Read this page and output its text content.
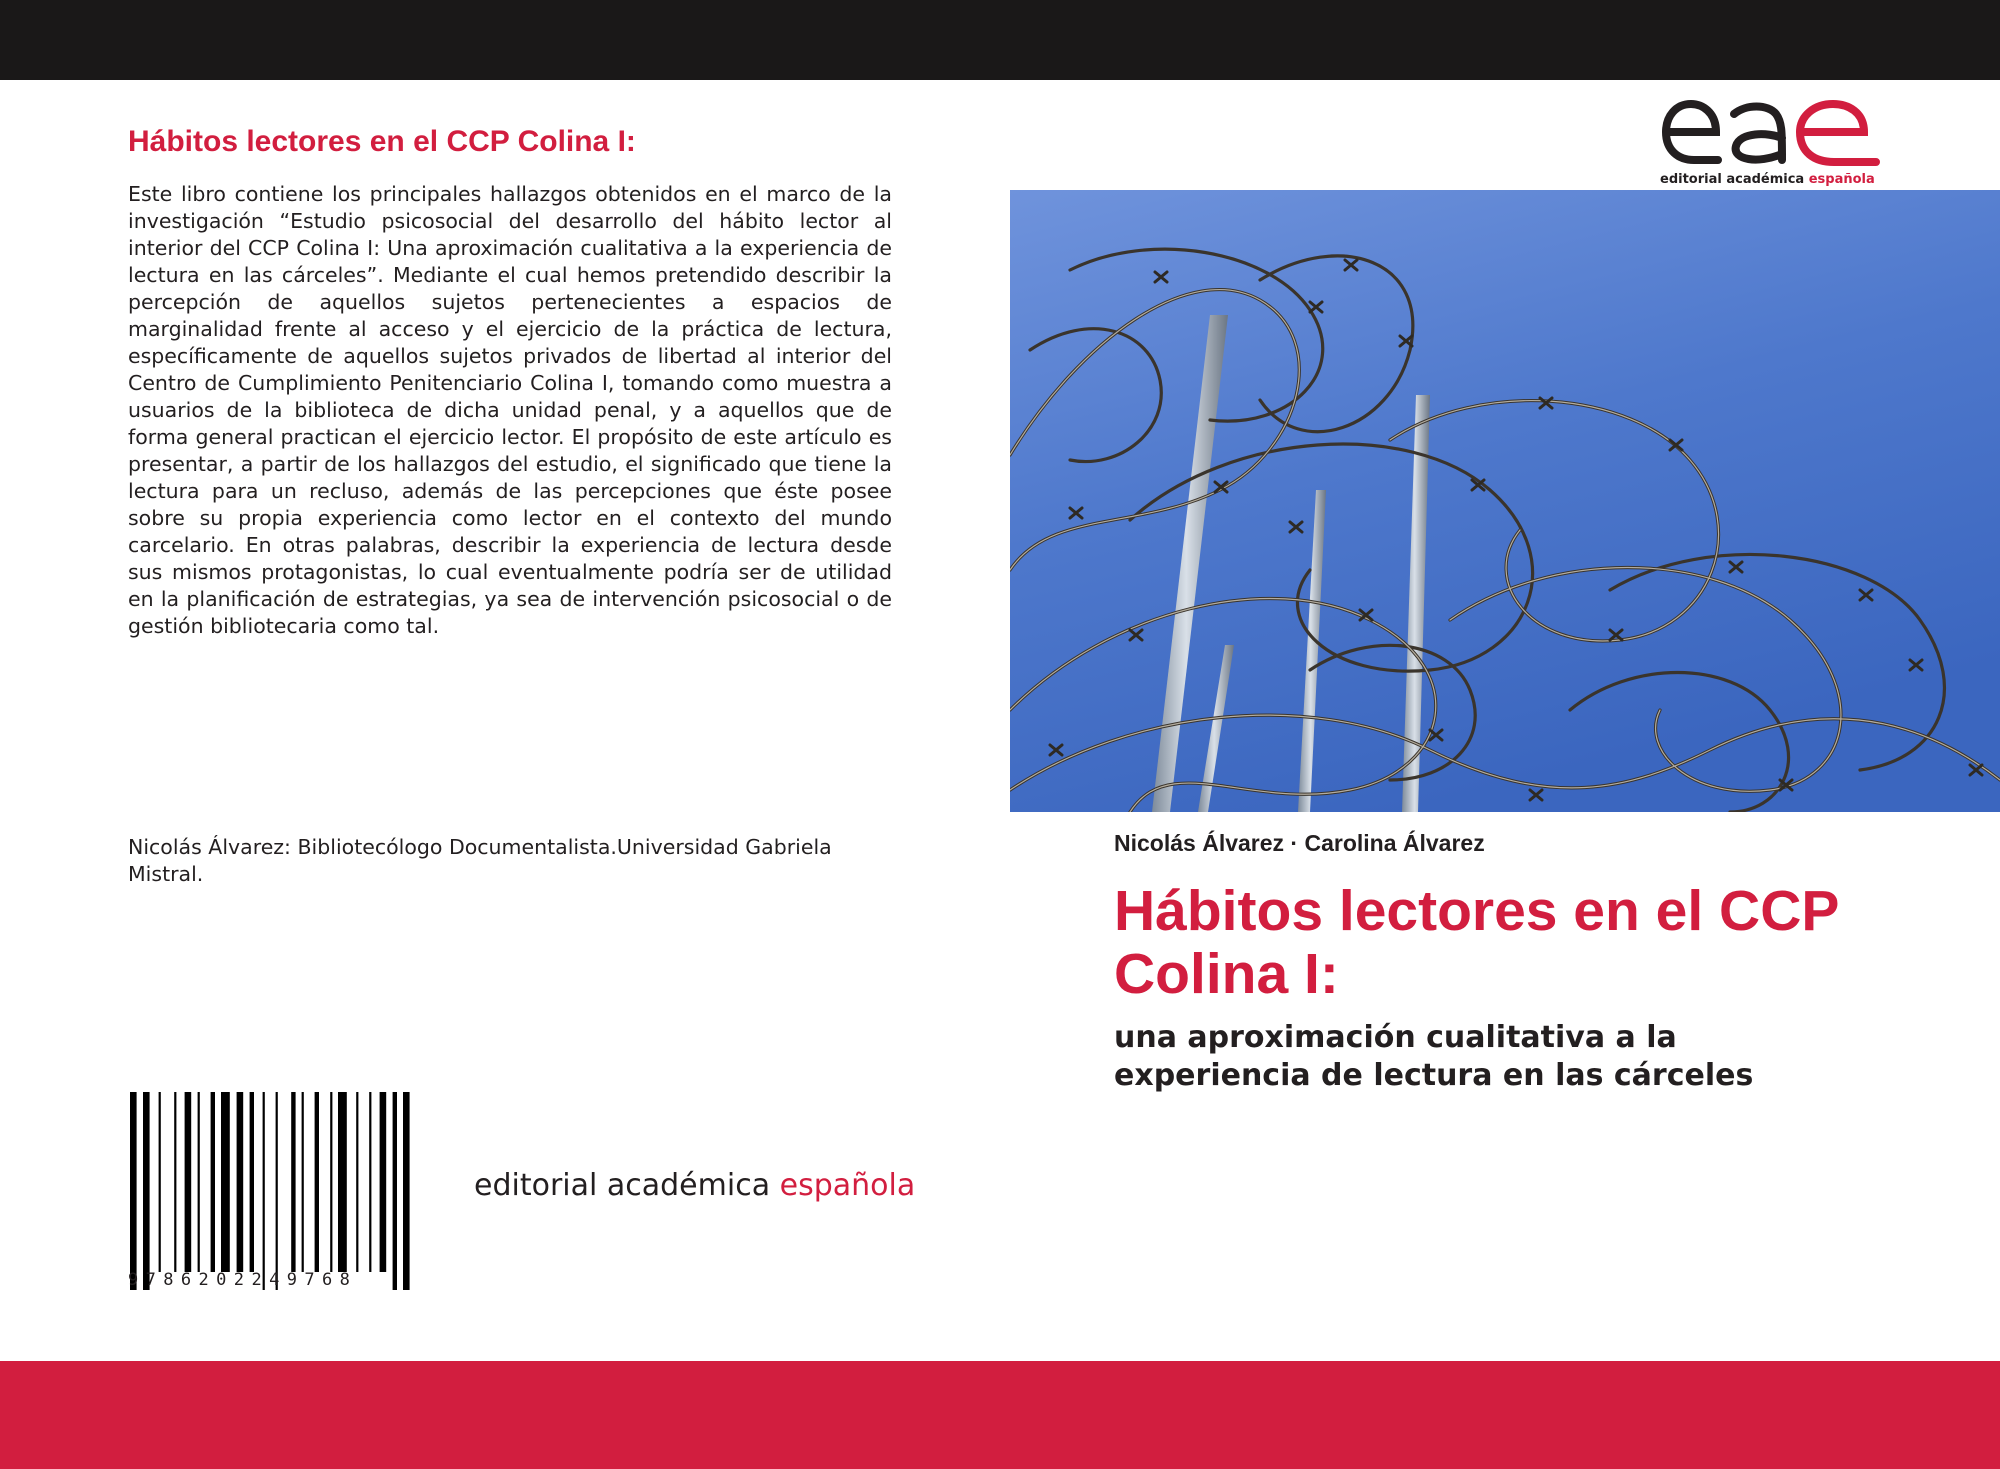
Hábitos lectores en el CCP Colina I:

Este libro contiene los principales hallazgos obtenidos en el marco de la investigación “Estudio psicosocial del desarrollo del hábito lector al interior del CCP Colina I: Una aproximación cualitativa a la experiencia de lectura en las cárceles”. Mediante el cual hemos pretendido describir la percepción de aquellos sujetos pertenecientes a espacios de marginalidad frente al acceso y el ejercicio de la práctica de lectura, específicamente de aquellos sujetos privados de libertad al interior del Centro de Cumplimiento Penitenciario Colina I, tomando como muestra a usuarios de la biblioteca de dicha unidad penal, y a aquellos que de forma general practican el ejercicio lector. El propósito de este artículo es presentar, a partir de los hallazgos del estudio, el significado que tiene la lectura para un recluso, además de las percepciones que éste posee sobre su propia experiencia como lector en el contexto del mundo carcelario. En otras palabras, describir la experiencia de lectura desde sus mismos protagonistas, lo cual eventualmente podría ser de utilidad en la planificación de estrategias, ya sea de intervención psicosocial o de gestión bibliotecaria como tal.

Nicolás Álvarez: Bibliotecólogo Documentalista.Universidad Gabriela Mistral.

9786202249768
editorial académica española
editorial académica española
Nicolás Álvarez · Carolina Álvarez
Hábitos lectores en el CCP Colina I:

una aproximación cualitativa a la experiencia de lectura en las cárceles
